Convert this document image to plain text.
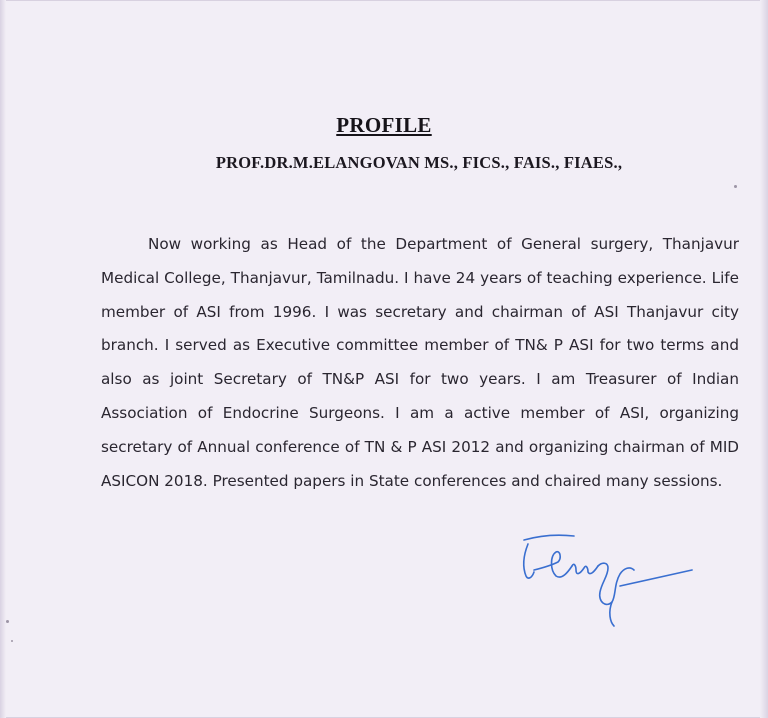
PROFILE
PROF.DR.M.ELANGOVAN MS., FICS., FAIS., FIAES.,

Now working as Head of the Department of General surgery, Thanjavur Medical College, Thanjavur, Tamilnadu. I have 24 years of teaching experience. Life member of ASI from 1996. I was secretary and chairman of ASI Thanjavur city branch. I served as Executive committee member of TN& P ASI for two terms and also as joint Secretary of TN&P ASI for two years. I am Treasurer of Indian Association of Endocrine Surgeons. I am a active member of ASI, organizing secretary of Annual conference of TN & P ASI 2012 and organizing chairman of MID ASICON 2018. Presented papers in State conferences and chaired many sessions.
